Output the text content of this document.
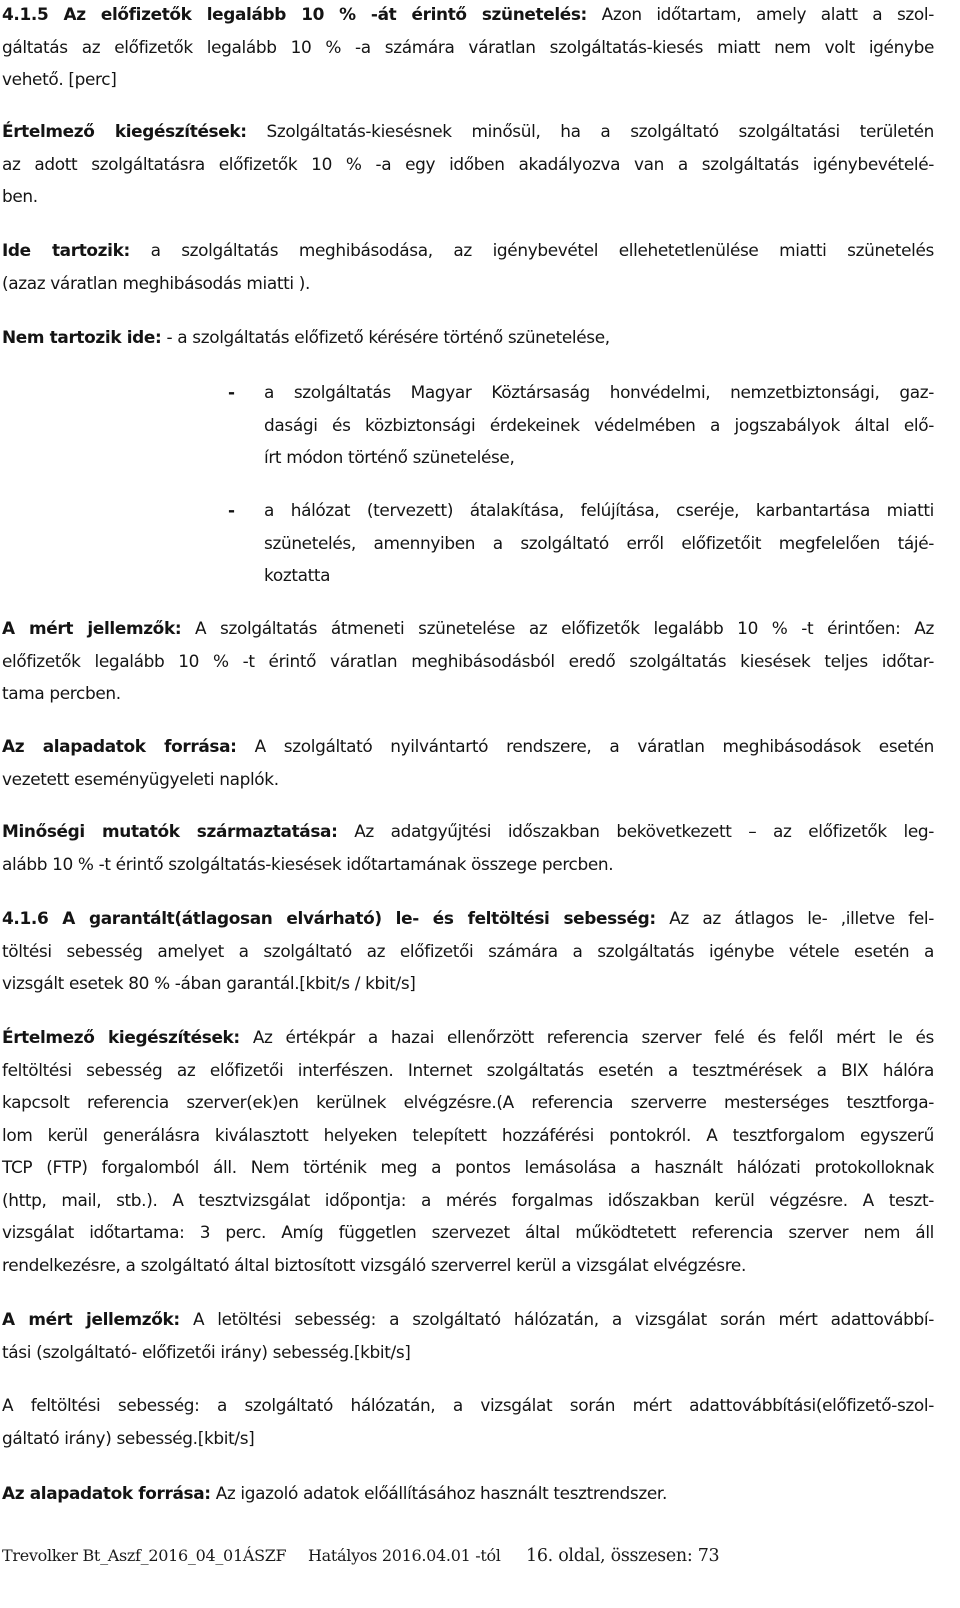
4.1.5 Az előfizetők legalább 10 % -át érintő szünetelés: Azon időtartam, amely alatt a szol-
gáltatás az előfizetők legalább 10 % -a számára váratlan szolgáltatás-kiesés miatt nem volt igénybe
vehető. [perc]
Értelmező kiegészítések: Szolgáltatás-kiesésnek minősül, ha a szolgáltató szolgáltatási területén
az adott szolgáltatásra előfizetők 10 % -a egy időben akadályozva van a szolgáltatás igénybevételé-
ben.
Ide tartozik: a szolgáltatás meghibásodása, az igénybevétel ellehetetlenülése miatti szünetelés
(azaz váratlan meghibásodás miatti ).
Nem tartozik ide: - a szolgáltatás előfizető kérésére történő szünetelése,
-	a szolgáltatás Magyar Köztársaság honvédelmi, nemzetbiztonsági, gaz-
dasági és közbiztonsági érdekeinek védelmében a jogszabályok által elő-
írt módon történő szünetelése,
-	a hálózat (tervezett) átalakítása, felújítása, cseréje, karbantartása miatti
szünetelés, amennyiben a szolgáltató erről előfizetőit megfelelően tájé-
koztatta
A mért jellemzők: A szolgáltatás átmeneti szünetelése az előfizetők legalább 10 % -t érintően: Az
előfizetők legalább 10 % -t érintő váratlan meghibásodásból eredő szolgáltatás kiesések teljes időtar-
tama percben.
Az alapadatok forrása: A szolgáltató nyilvántartó rendszere, a váratlan meghibásodások esetén
vezetett eseményügyeleti naplók.
Minőségi mutatók származtatása: Az adatgyűjtési időszakban bekövetkezett – az előfizetők leg-
alább 10 % -t érintő szolgáltatás-kiesések időtartamának összege percben.
4.1.6 A garantált(átlagosan elvárható) le- és feltöltési sebesség: Az az átlagos le- ,illetve fel-
töltési sebesség amelyet a szolgáltató az előfizetői számára a szolgáltatás igénybe vétele esetén a
vizsgált esetek 80 % -ában garantál.[kbit/s / kbit/s]
Értelmező kiegészítések: Az értékpár a hazai ellenőrzött referencia szerver felé és felől mért le és
feltöltési sebesség az előfizetői interfészen. Internet szolgáltatás esetén a tesztmérések a BIX hálóra
kapcsolt referencia szerver(ek)en kerülnek elvégzésre.(A referencia szerverre mesterséges tesztforga-
lom kerül generálásra kiválasztott helyeken telepített hozzáférési pontokról. A tesztforgalom egyszerű
TCP (FTP) forgalomból áll. Nem történik meg a pontos lemásolása a használt hálózati protokolloknak
(http, mail, stb.). A tesztvizsgálat időpontja: a mérés forgalmas időszakban kerül végzésre. A teszt-
vizsgálat időtartama: 3 perc. Amíg független szervezet által működtetett referencia szerver nem áll
rendelkezésre, a szolgáltató által biztosított vizsgáló szerverrel kerül a vizsgálat elvégzésre.
A mért jellemzők: A letöltési sebesség: a szolgáltató hálózatán, a vizsgálat során mért adattovábbí-
tási (szolgáltató- előfizetői irány) sebesség.[kbit/s]
A feltöltési sebesség: a szolgáltató hálózatán, a vizsgálat során mért adattovábbítási(előfizető-szol-
gáltató irány) sebesség.[kbit/s]
Az alapadatok forrása: Az igazoló adatok előállításához használt tesztrendszer.
Trevolker Bt_Aszf_2016_04_01ÁSZF Hatályos 2016.04.01 -tól 16. oldal, összesen: 73
